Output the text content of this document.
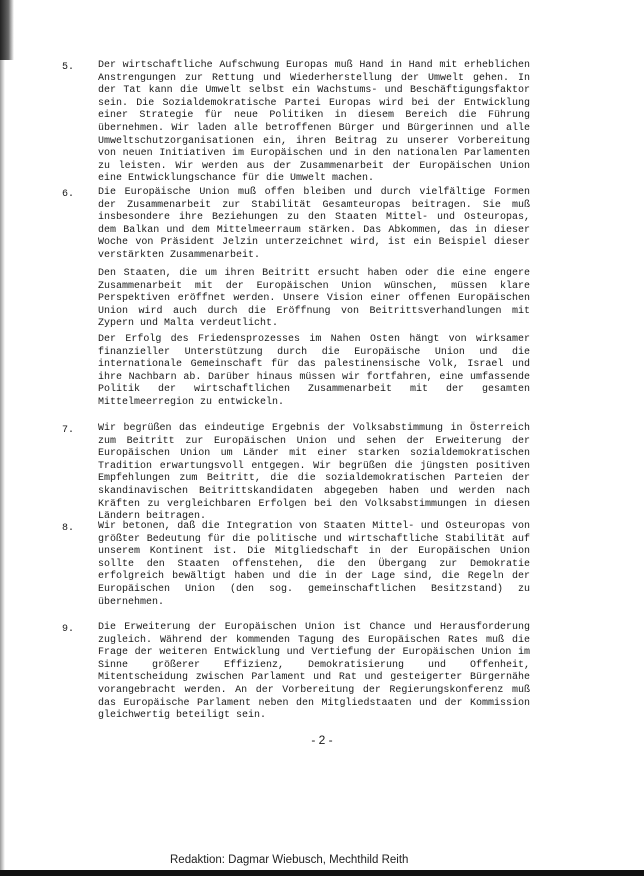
5. Der wirtschaftliche Aufschwung Europas muß Hand in Hand mit erheblichen
Anstrengungen zur Rettung und Wiederherstellung der Umwelt gehen. In
der Tat kann die Umwelt selbst ein Wachstums- und Beschäftigungsfaktor
sein. Die Sozialdemokratische Partei Europas wird bei der Entwicklung
einer Strategie für neue Politiken in diesem Bereich die Führung
übernehmen. Wir laden alle betroffenen Bürger und Bürgerinnen und alle
Umweltschutzorganisationen ein, ihren Beitrag zu unserer Vorbereitung
von neuen Initiativen im Europäischen und in den nationalen Parlamenten
zu leisten. Wir werden aus der Zusammenarbeit der Europäischen Union
eine Entwicklungschance für die Umwelt machen.
6. Die Europäische Union muß offen bleiben und durch vielfältige Formen
der Zusammenarbeit zur Stabilität Gesamteuropas beitragen. Sie muß
insbesondere ihre Beziehungen zu den Staaten Mittel- und Osteuropas,
dem Balkan und dem Mittelmeerraum stärken. Das Abkommen, das in dieser
Woche von Präsident Jelzin unterzeichnet wird, ist ein Beispiel dieser
verstärkten Zusammenarbeit.
Den Staaten, die um ihren Beitritt ersucht haben oder die eine engere
Zusammenarbeit mit der Europäischen Union wünschen, müssen klare
Perspektiven eröffnet werden. Unsere Vision einer offenen Europäischen
Union wird auch durch die Eröffnung von Beitrittsverhandlungen mit
Zypern und Malta verdeutlicht.
Der Erfolg des Friedensprozesses im Nahen Osten hängt von wirksamer
finanzieller Unterstützung durch die Europäische Union und die
internationale Gemeinschaft für das palestinensische Volk, Israel und
ihre Nachbarn ab. Darüber hinaus müssen wir fortfahren, eine umfassende
Politik der wirtschaftlichen Zusammenarbeit mit der gesamten
Mittelmeerregion zu entwickeln.
7. Wir begrüßen das eindeutige Ergebnis der Volksabstimmung in Österreich
zum Beitritt zur Europäischen Union und sehen der Erweiterung der
Europäischen Union um Länder mit einer starken sozialdemokratischen
Tradition erwartungsvoll entgegen. Wir begrüßen die jüngsten positiven
Empfehlungen zum Beitritt, die die sozialdemokratischen Parteien der
skandinavischen Beitrittskandidaten abgegeben haben und werden nach
Kräften zu vergleichbaren Erfolgen bei den Volksabstimmungen in diesen
Ländern beitragen.
8. Wir betonen, daß die Integration von Staaten Mittel- und Osteuropas von
größter Bedeutung für die politische und wirtschaftliche Stabilität auf
unserem Kontinent ist. Die Mitgliedschaft in der Europäischen Union
sollte den Staaten offenstehen, die den Übergang zur Demokratie
erfolgreich bewältigt haben und die in der Lage sind, die Regeln der
Europäischen Union (den sog. gemeinschaftlichen Besitzstand) zu
übernehmen.
9. Die Erweiterung der Europäischen Union ist Chance und Herausforderung
zugleich. Während der kommenden Tagung des Europäischen Rates muß die
Frage der weiteren Entwicklung und Vertiefung der Europäischen Union im
Sinne größerer Effizienz, Demokratisierung und Offenheit,
Mitentscheidung zwischen Parlament und Rat und gesteigerter Bürgernähe
vorangebracht werden. An der Vorbereitung der Regierungskonferenz muß
das Europäische Parlament neben den Mitgliedstaaten und der Kommission
gleichwertig beteiligt sein.
- 2 -
Redaktion: Dagmar Wiebusch, Mechthild Reith
